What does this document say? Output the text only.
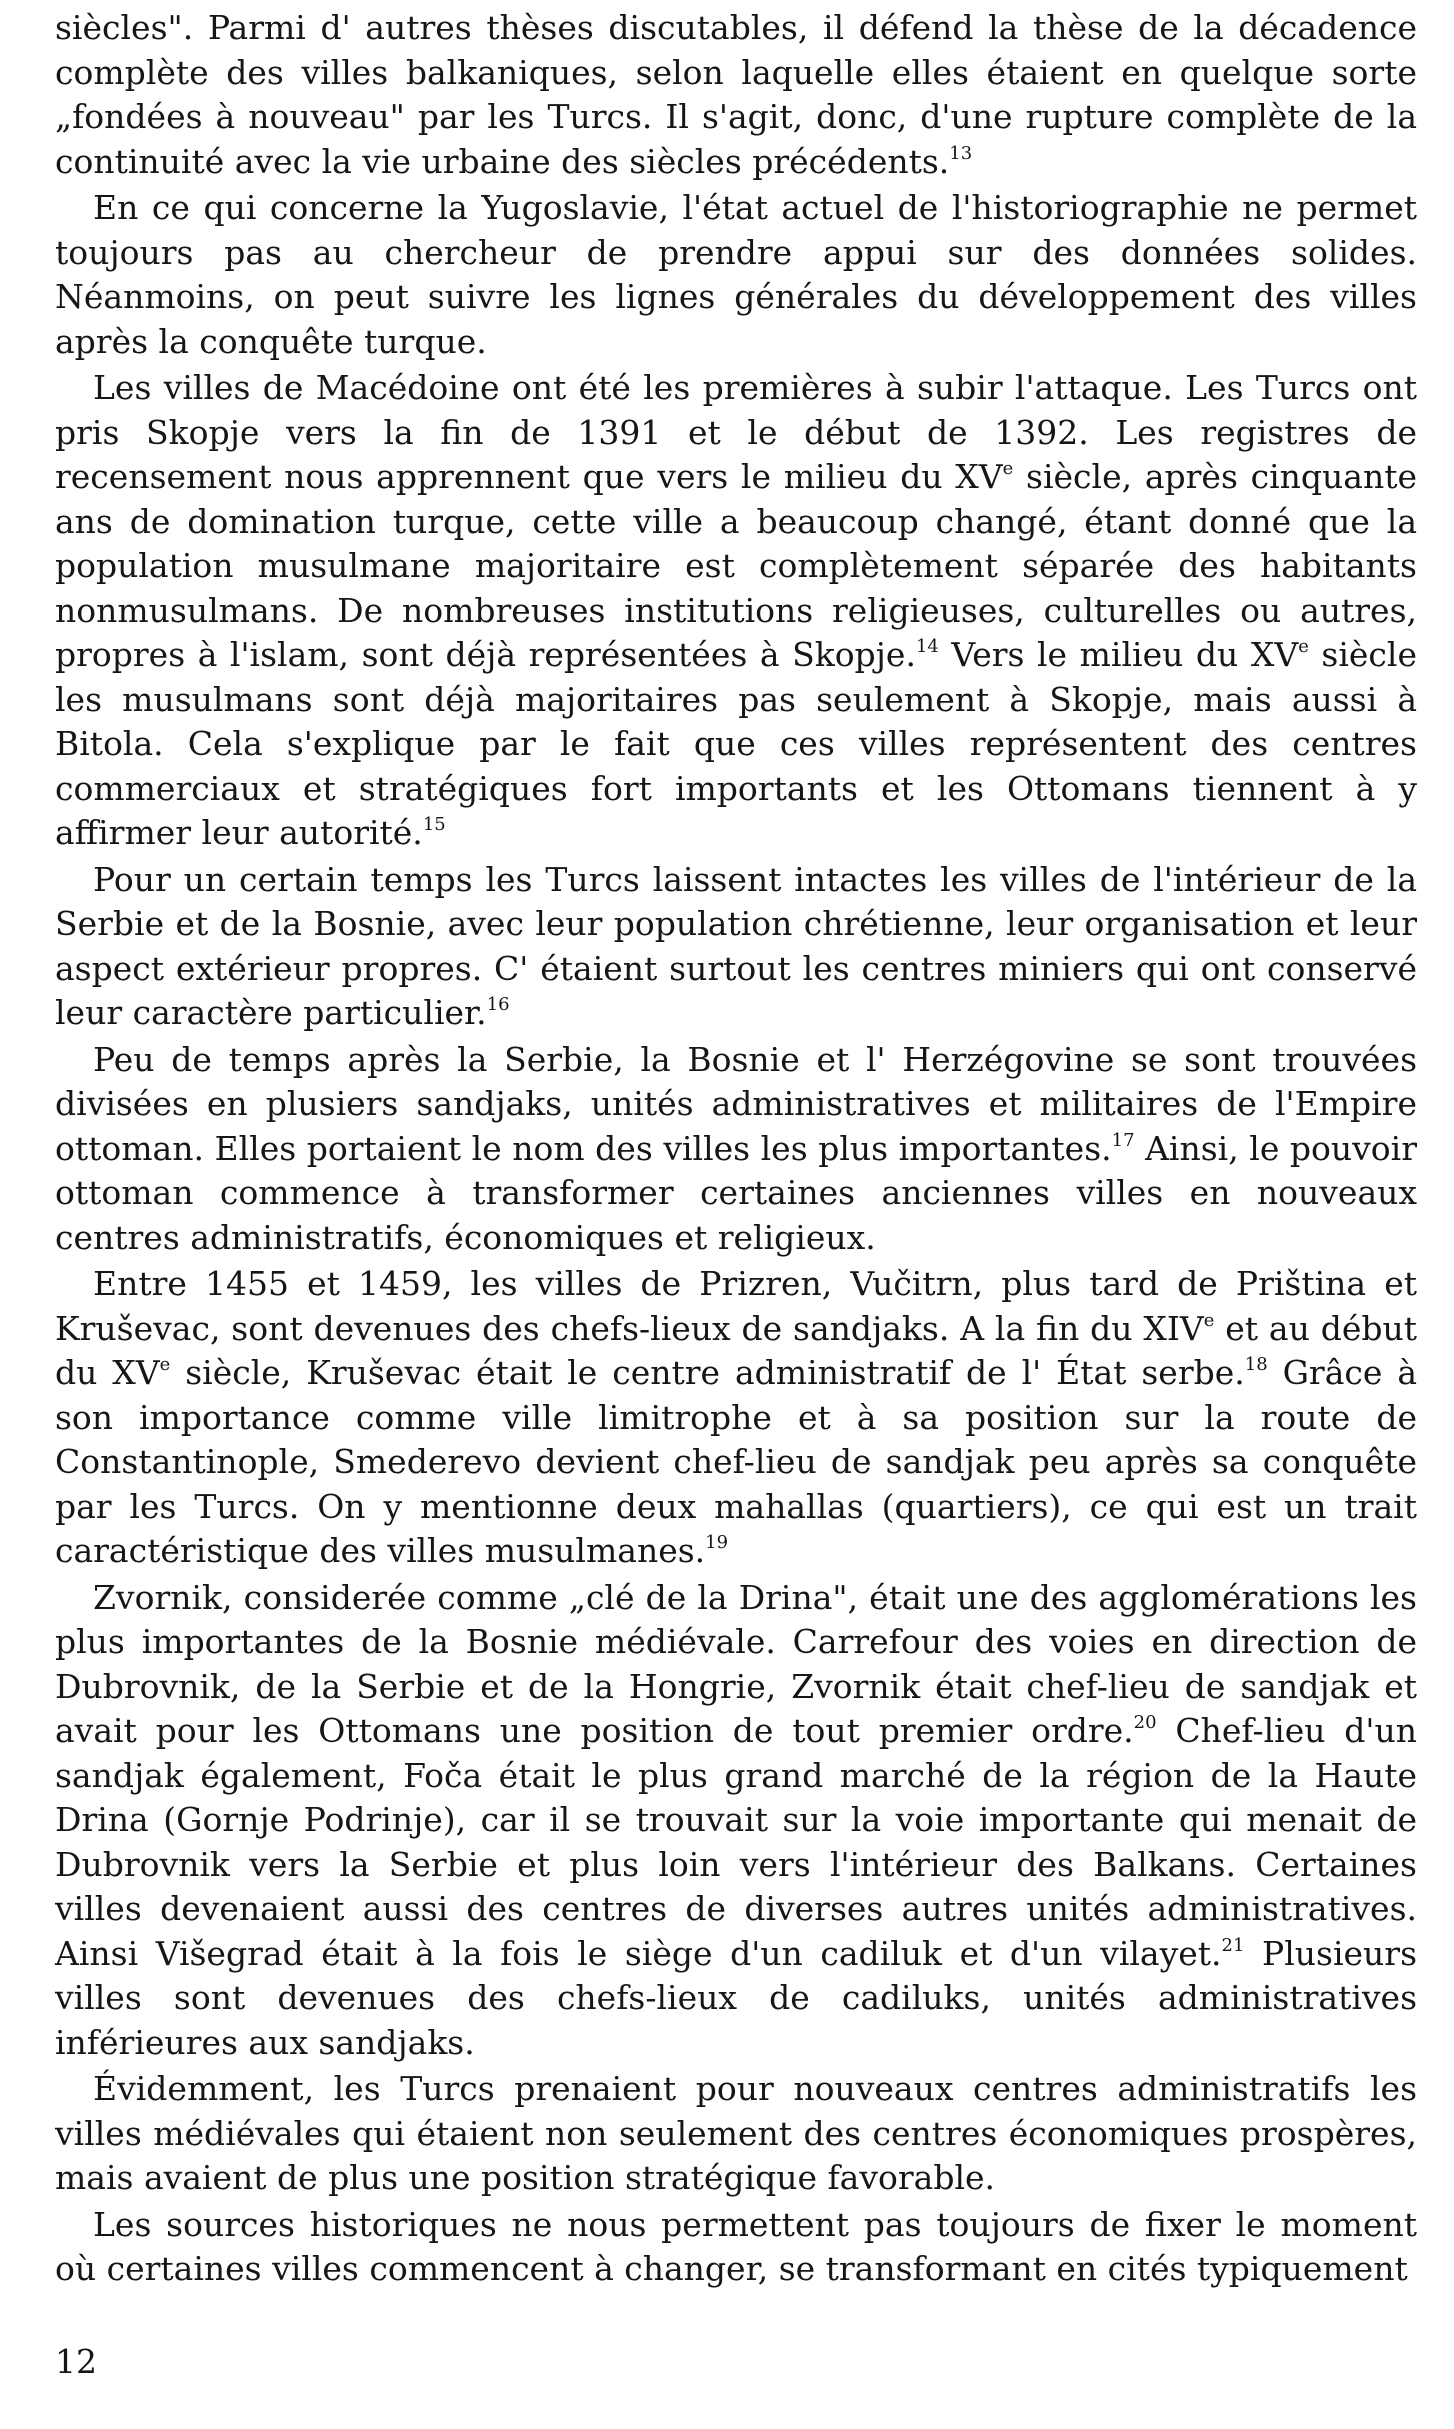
siècles". Parmi d' autres thèses discutables, il défend la thèse de la décadence complète des villes balkaniques, selon laquelle elles étaient en quelque sorte „fondées à nouveau" par les Turcs. Il s'agit, donc, d'une rupture complète de la continuité avec la vie urbaine des siècles précédents.$^{13}$

En ce qui concerne la Yugoslavie, l'état actuel de l'historiographie ne permet toujours pas au chercheur de prendre appui sur des données solides. Néanmoins, on peut suivre les lignes générales du développement des villes après la conquête turque.

Les villes de Macédoine ont été les premières à subir l'attaque. Les Turcs ont pris Skopje vers la fin de 1391 et le début de 1392. Les registres de recensement nous apprennent que vers le milieu du XVe siècle, après cinquante ans de domination turque, cette ville a beaucoup changé, étant donné que la population musulmane majoritaire est complètement séparée des habitants nonmusulmans. De nombreuses institutions religieuses, culturelles ou autres, propres à l'islam, sont déjà représentées à Skopje.$^{14}$ Vers le milieu du XVe siècle les musulmans sont déjà majoritaires pas seulement à Skopje, mais aussi à Bitola. Cela s'explique par le fait que ces villes représentent des centres commerciaux et stratégiques fort importants et les Ottomans tiennent à y affirmer leur autorité.$^{15}$

Pour un certain temps les Turcs laissent intactes les villes de l'intérieur de la Serbie et de la Bosnie, avec leur population chrétienne, leur organisation et leur aspect extérieur propres. C' étaient surtout les centres miniers qui ont conservé leur caractère particulier.$^{16}$

Peu de temps après la Serbie, la Bosnie et l' Herzégovine se sont trouvées divisées en plusiers sandjaks, unités administratives et militaires de l'Empire ottoman. Elles portaient le nom des villes les plus importantes.$^{17}$ Ainsi, le pouvoir ottoman commence à transformer certaines anciennes villes en nouveaux centres administratifs, économiques et religieux.

Entre 1455 et 1459, les villes de Prizren, Vučitrn, plus tard de Priština et Kruševac, sont devenues des chefs-lieux de sandjaks. A la fin du XIVe et au début du XVe siècle, Kruševac était le centre administratif de l' État serbe.$^{18}$ Grâce à son importance comme ville limitrophe et à sa position sur la route de Constantinople, Smederevo devient chef-lieu de sandjak peu après sa conquête par les Turcs. On y mentionne deux mahallas (quartiers), ce qui est un trait caractéristique des villes musulmanes.$^{19}$

Zvornik, considerée comme „clé de la Drina", était une des agglomérations les plus importantes de la Bosnie médiévale. Carrefour des voies en direction de Dubrovnik, de la Serbie et de la Hongrie, Zvornik était chef-lieu de sandjak et avait pour les Ottomans une position de tout premier ordre.$^{20}$ Chef-lieu d'un sandjak également, Foča était le plus grand marché de la région de la Haute Drina (Gornje Podrinje), car il se trouvait sur la voie importante qui menait de Dubrovnik vers la Serbie et plus loin vers l'intérieur des Balkans. Certaines villes devenaient aussi des centres de diverses autres unités administratives. Ainsi Višegrad était à la fois le siège d'un cadiluk et d'un vilayet.$^{21}$ Plusieurs villes sont devenues des chefs-lieux de cadiluks, unités administratives inférieures aux sandjaks.

Évidemment, les Turcs prenaient pour nouveaux centres administratifs les villes médiévales qui étaient non seulement des centres économiques prospères, mais avaient de plus une position stratégique favorable.

Les sources historiques ne nous permettent pas toujours de fixer le moment où certaines villes commencent à changer, se transformant en cités typiquement

12
